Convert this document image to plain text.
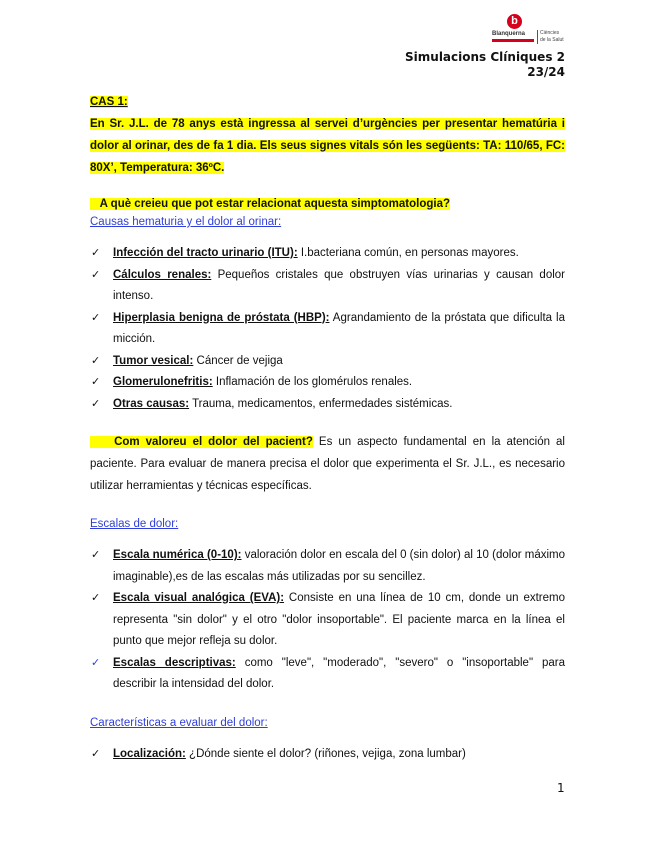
b
Blanquerna	Ciències
de la Salut
Simulacions Clíniques 2
23/24
CAS 1:
En Sr. J.L. de 78 anys està ingressa al servei d’urgències per presentar hematúria i dolor al orinar, des de fa 1 dia. Els seus signes vitals són les següents: TA: 110/65, FC: 80X’, Temperatura: 36ºC.
A què creieu que pot estar relacionat aquesta simptomatologia?
Causas hematuria y el dolor al orinar:
✓ Infección del tracto urinario (ITU): I.bacteriana común, en personas mayores.
✓ Cálculos renales: Pequeños cristales que obstruyen vías urinarias y causan dolor intenso.
✓ Hiperplasia benigna de próstata (HBP): Agrandamiento de la próstata que dificulta la micción.
✓ Tumor vesical: Cáncer de vejiga
✓ Glomerulonefritis: Inflamación de los glomérulos renales.
✓ Otras causas: Trauma, medicamentos, enfermedades sistémicas.
Com valoreu el dolor del pacient? Es un aspecto fundamental en la atención al paciente. Para evaluar de manera precisa el dolor que experimenta el Sr. J.L., es necesario utilizar herramientas y técnicas específicas.
Escalas de dolor:
✓ Escala numérica (0-10): valoración dolor en escala del 0 (sin dolor) al 10 (dolor máximo imaginable),es de las escalas más utilizadas por su sencillez.
✓ Escala visual analógica (EVA): Consiste en una línea de 10 cm, donde un extremo representa "sin dolor" y el otro "dolor insoportable". El paciente marca en la línea el punto que mejor refleja su dolor.
✓ Escalas descriptivas: como "leve", "moderado", "severo" o "insoportable" para describir la intensidad del dolor.
Características a evaluar del dolor:
✓ Localización: ¿Dónde siente el dolor? (riñones, vejiga, zona lumbar)
1
